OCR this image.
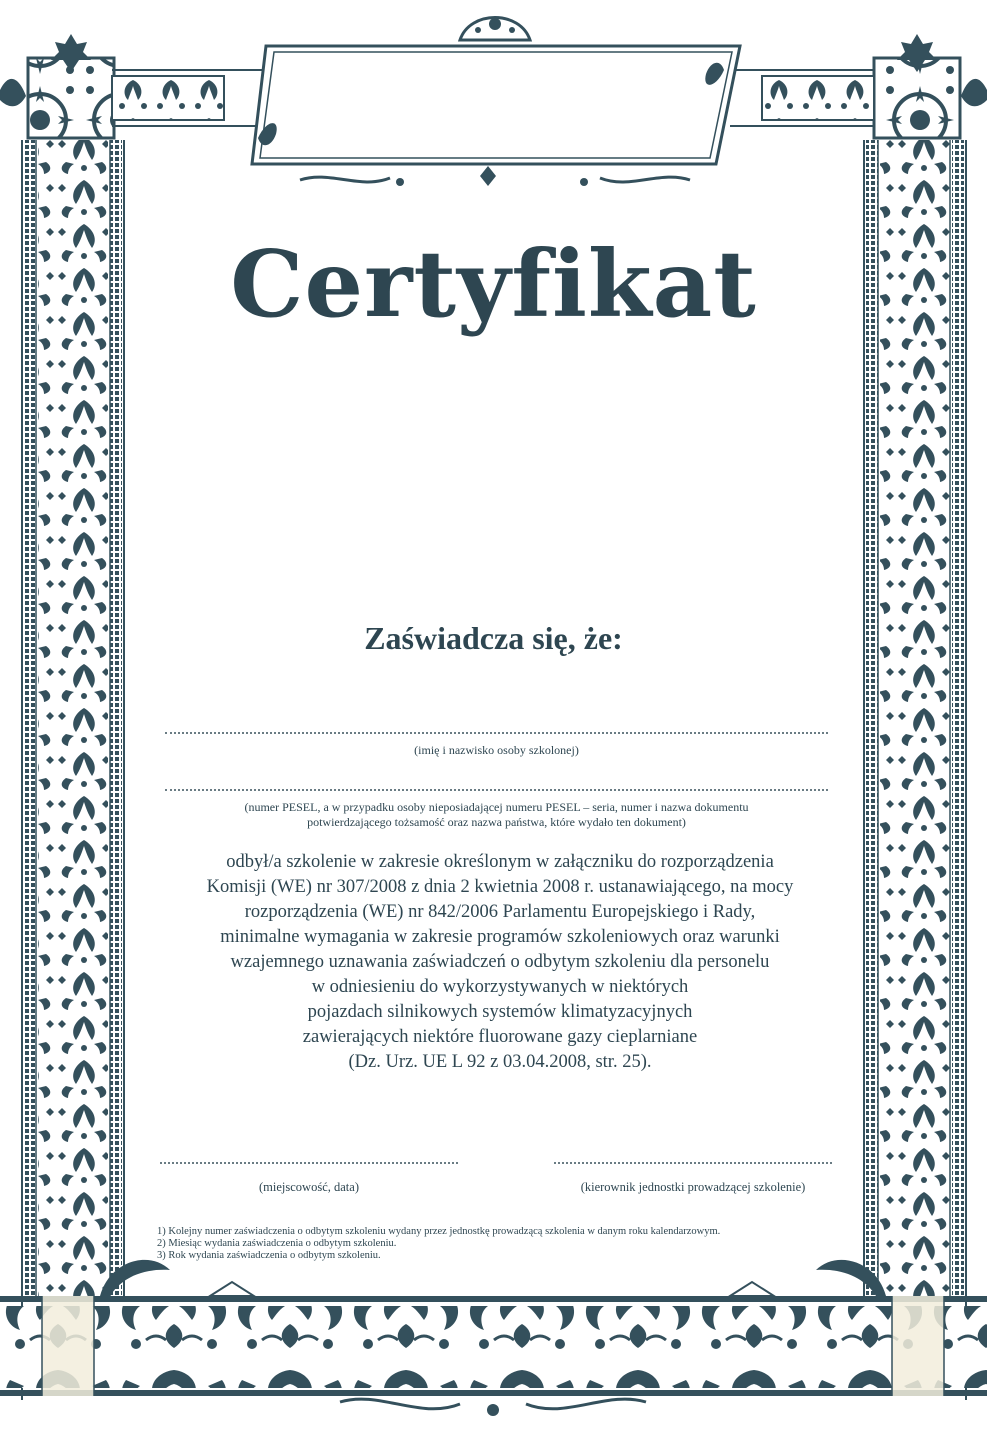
Certyfikat
Zaświadcza się, że:
(imię i nazwisko osoby szkolonej)
(numer PESEL, a w przypadku osoby nieposiadającej numeru PESEL – seria, numer i nazwa dokumentu
potwierdzającego tożsamość oraz nazwa państwa, które wydało ten dokument)
odbył/a szkolenie w zakresie określonym w załączniku do rozporządzenia
Komisji (WE) nr 307/2008 z dnia 2 kwietnia 2008 r. ustanawiającego, na mocy
rozporządzenia (WE) nr 842/2006 Parlamentu Europejskiego i Rady,
minimalne wymagania w zakresie programów szkoleniowych oraz warunki
wzajemnego uznawania zaświadczeń o odbytym szkoleniu dla personelu
w odniesieniu do wykorzystywanych w niektórych
pojazdach silnikowych systemów klimatyzacyjnych
zawierających niektóre fluorowane gazy cieplarniane
(Dz. Urz. UE L 92 z 03.04.2008, str. 25).
(miejscowość, data)	(kierownik jednostki prowadzącej szkolenie)
1) Kolejny numer zaświadczenia o odbytym szkoleniu wydany przez jednostkę prowadzącą szkolenia w danym roku kalendarzowym.
2) Miesiąc wydania zaświadczenia o odbytym szkoleniu.
3) Rok wydania zaświadczenia o odbytym szkoleniu.
